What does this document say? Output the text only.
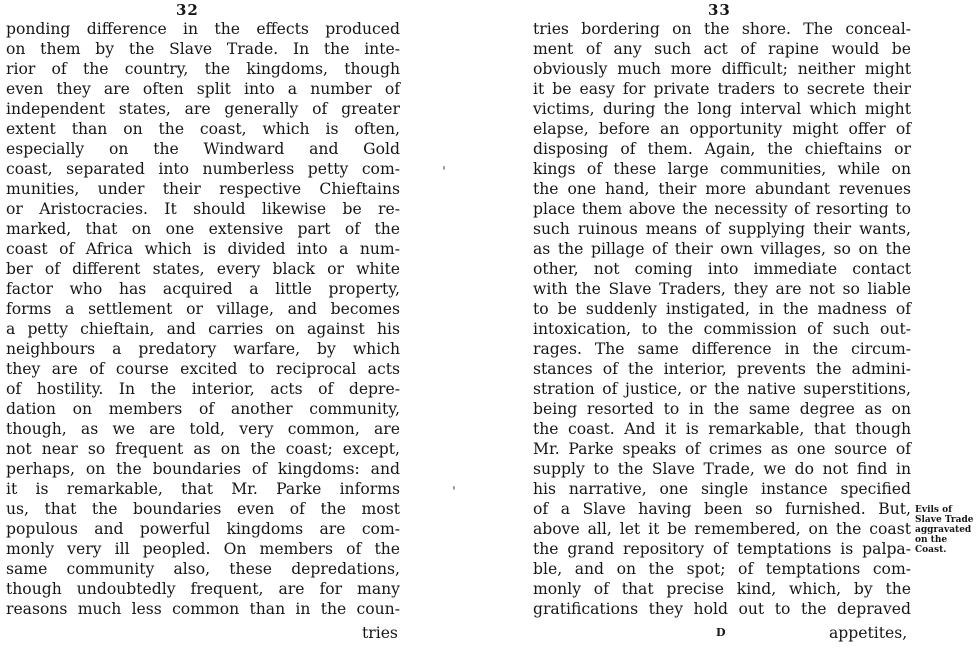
32
ponding difference in the effects produced
on them by the Slave Trade. In the inte-
rior of the country, the kingdoms, though
even they are often split into a number of
independent states, are generally of greater
extent than on the coast, which is often,
especially on the Windward and Gold
coast, separated into numberless petty com-
munities, under their respective Chieftains
or Aristocracies. It should likewise be re-
marked, that on one extensive part of the
coast of Africa which is divided into a num-
ber of different states, every black or white
factor who has acquired a little property,
forms a settlement or village, and becomes
a petty chieftain, and carries on against his
neighbours a predatory warfare, by which
they are of course excited to reciprocal acts
of hostility. In the interior, acts of depre-
dation on members of another community,
though, as we are told, very common, are
not near so frequent as on the coast; except,
perhaps, on the boundaries of kingdoms: and
it is remarkable, that Mr. Parke informs
us, that the boundaries even of the most
populous and powerful kingdoms are com-
monly very ill peopled. On members of the
same community also, these depredations,
though undoubtedly frequent, are for many
reasons much less common than in the coun-
tries
ˈ
ˈ
33
tries bordering on the shore. The conceal-
ment of any such act of rapine would be
obviously much more difficult; neither might
it be easy for private traders to secrete their
victims, during the long interval which might
elapse, before an opportunity might offer of
disposing of them. Again, the chieftains or
kings of these large communities, while on
the one hand, their more abundant revenues
place them above the necessity of resorting to
such ruinous means of supplying their wants,
as the pillage of their own villages, so on the
other, not coming into immediate contact
with the Slave Traders, they are not so liable
to be suddenly instigated, in the madness of
intoxication, to the commission of such out-
rages. The same difference in the circum-
stances of the interior, prevents the admini-
stration of justice, or the native superstitions,
being resorted to in the same degree as on
the coast. And it is remarkable, that though
Mr. Parke speaks of crimes as one source of
supply to the Slave Trade, we do not find in
his narrative, one single instance specified
of a Slave having been so furnished. But,
above all, let it be remembered, on the coast
the grand repository of temptations is palpa-
ble, and on the spot; of temptations com-
monly of that precise kind, which, by the
gratifications they hold out to the depraved
D	appetites,
Evils of
Slave Trade
aggravated
on the
Coast.
